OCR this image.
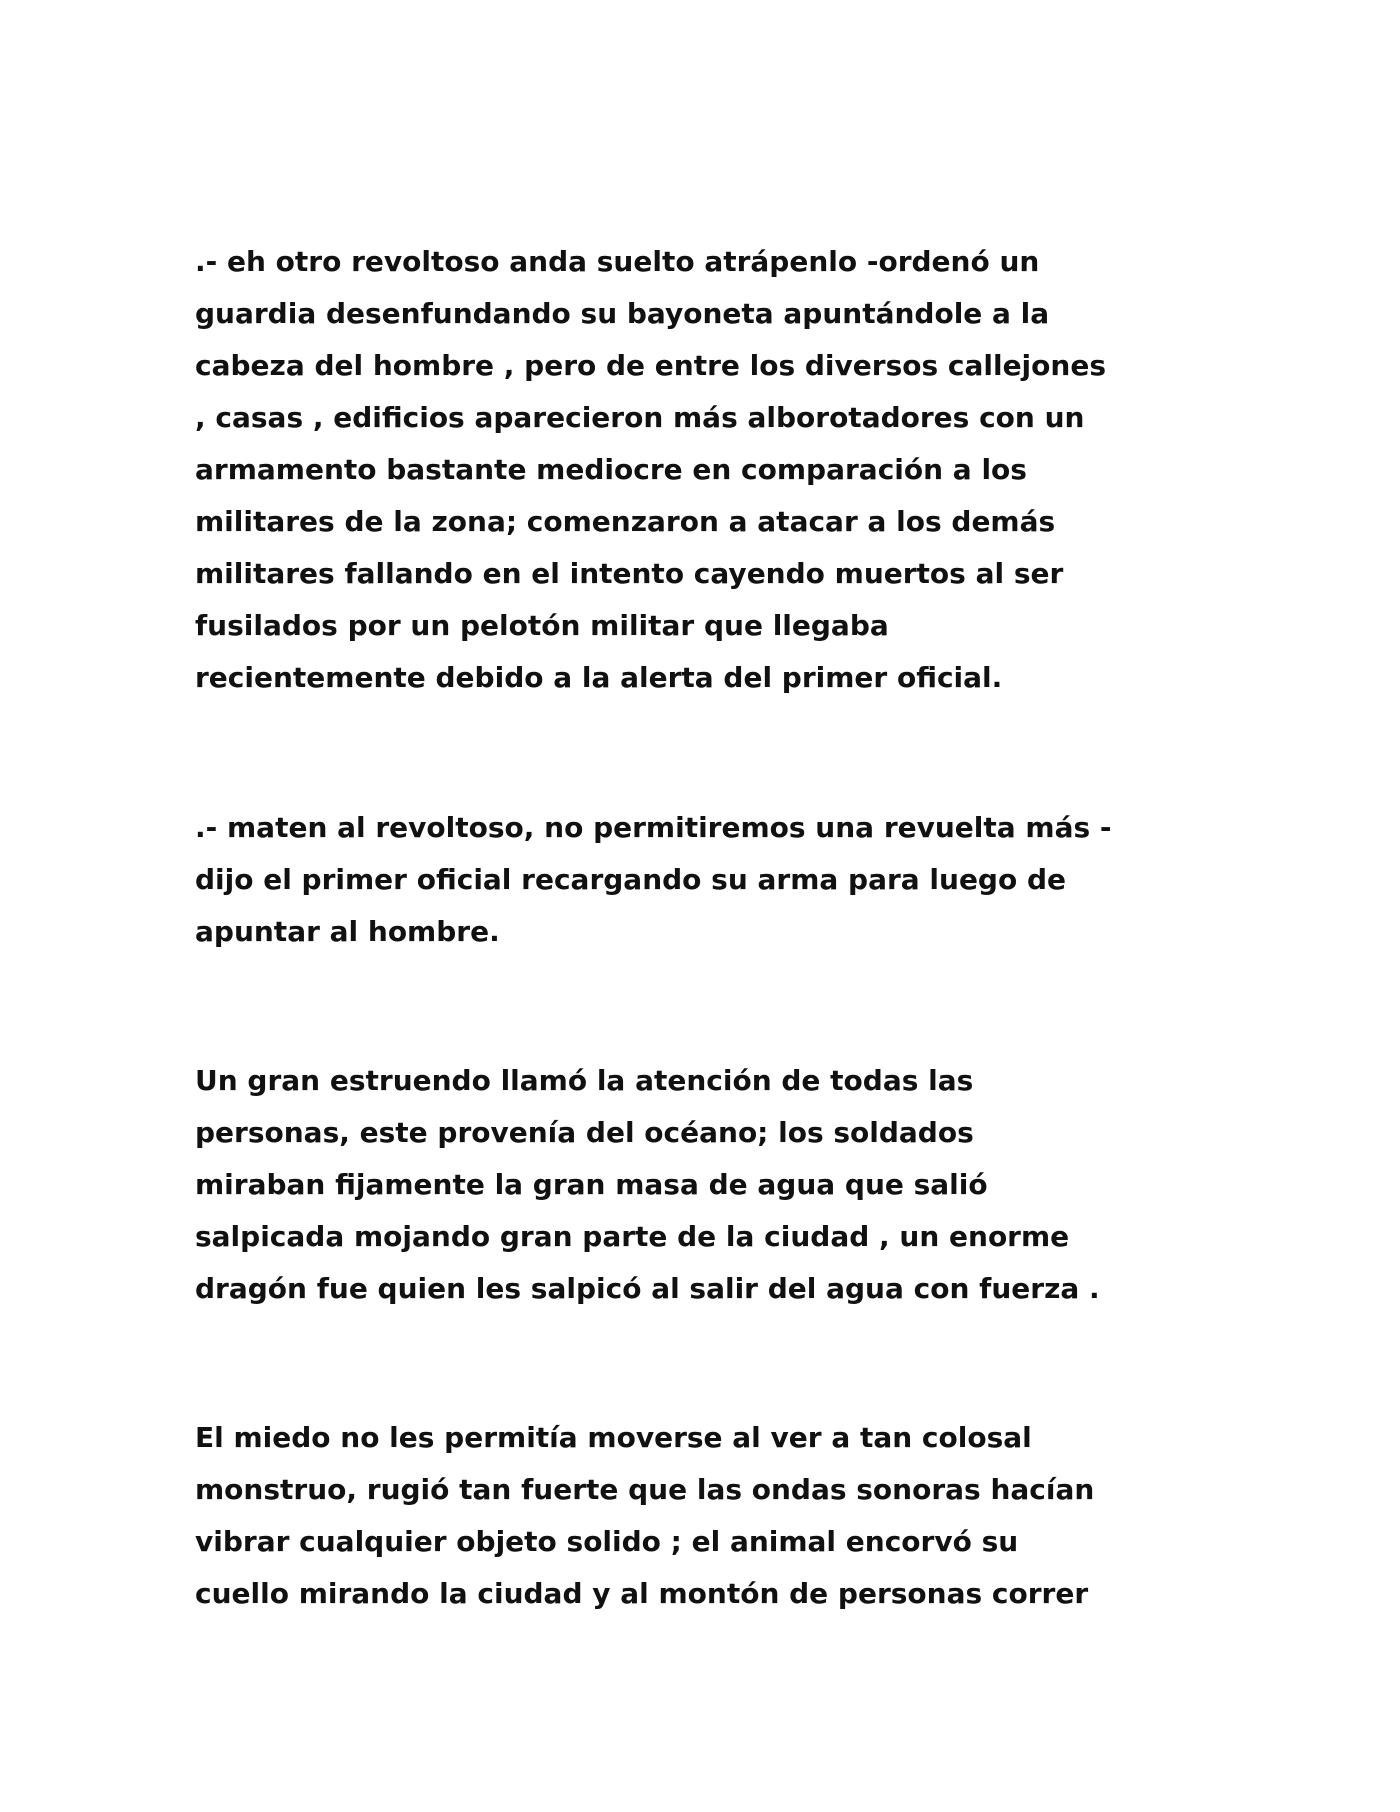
.- eh otro revoltoso anda suelto atrápenlo -ordenó un
guardia desenfundando su bayoneta apuntándole a la
cabeza del hombre , pero de entre los diversos callejones
, casas , edificios aparecieron más alborotadores con un
armamento bastante mediocre en comparación a los
militares de la zona; comenzaron a atacar a los demás
militares fallando en el intento cayendo muertos al ser
fusilados por un pelotón militar que llegaba
recientemente debido a la alerta del primer oficial.

.- maten al revoltoso, no permitiremos una revuelta más -
dijo el primer oficial recargando su arma para luego de
apuntar al hombre.

Un gran estruendo llamó la atención de todas las
personas, este provenía del océano; los soldados
miraban fijamente la gran masa de agua que salió
salpicada mojando gran parte de la ciudad , un enorme
dragón fue quien les salpicó al salir del agua con fuerza .

El miedo no les permitía moverse al ver a tan colosal
monstruo, rugió tan fuerte que las ondas sonoras hacían
vibrar cualquier objeto solido ; el animal encorvó su
cuello mirando la ciudad y al montón de personas correr
